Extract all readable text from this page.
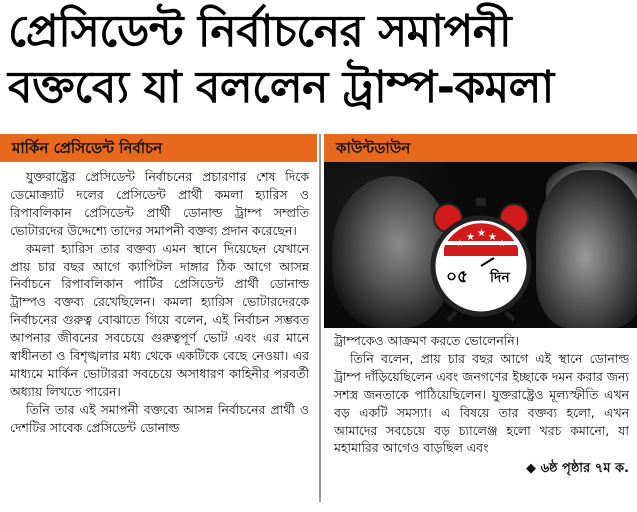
প্রেসিডেন্ট নির্বাচনের সমাপনী
বক্তব্যে যা বললেন ট্রাম্প-কমলা
মার্কিন প্রেসিডেন্ট নির্বাচন

যুক্তরাষ্ট্রের প্রেসিডেন্ট নির্বাচনের প্রচারণার শেষ দিকে ডেমোক্র্যাট দলের প্রেসিডেন্ট প্রার্থী কমলা হ্যারিস ও রিপাবলিকান প্রেসিডেন্ট প্রার্থী ডোনাল্ড ট্রাম্প সম্প্রতি ভোটারদের উদ্দেশ্যে তাদের সমাপনী বক্তব্য প্রদান করেছেন।

কমলা হ্যারিস তার বক্তব্য এমন স্থানে দিয়েছেন যেখানে প্রায় চার বছর আগে ক্যাপিটল দাঙ্গার ঠিক আগে আসন্ন নির্বাচনে রিপাবলিকান পার্টির প্রেসিডেন্ট প্রার্থী ডোনাল্ড ট্রাম্পও বক্তব্য রেখেছিলেন। কমলা হ্যারিস ভোটারদেরকে নির্বাচনের গুরুত্ব বোঝাতে গিয়ে বলেন, এই নির্বাচন সম্ভবত আপনার জীবনের সবচেয়ে গুরুত্বপূর্ণ ভোট এবং এর মানে স্বাধীনতা ও বিশৃঙ্খলার মধ্য থেকে একটিকে বেছে নেওয়া। এর মাধ্যমে মার্কিন ভোটাররা সবচেয়ে অসাধারণ কাহিনীর পরবর্তী অধ্যায় লিখতে পারেন।

তিনি তার এই সমাপনী বক্তব্যে আসন্ন নির্বাচনের প্রার্থী ও দেশটির সাবেক প্রেসিডেন্ট ডোনাল্ড

কাউন্টডাউন
★ ★ ★
★	★
০৫ দিন

ট্রাম্পকেও আক্রমণ করতে ভোলেননি।

তিনি বলেন, প্রায় চার বছর আগে এই স্থানে ডোনাল্ড ট্রাম্প দাঁড়িয়েছিলেন এবং জনগণের ইচ্ছাকে দমন করার জন্য সশস্ত্র জনতাকে পাঠিয়েছিলেন। যুক্তরাষ্ট্রেও মূল্যস্ফীতি এখন বড় একটি সমস্যা। এ বিষয়ে তার বক্তব্য হলো, এখন আমাদের সবচেয়ে বড় চ্যালেঞ্জ হলো খরচ কমানো, যা মহামারির আগেও বাড়ছিল এবং

◆ ৬ষ্ঠ পৃষ্ঠার ৭ম ক.
